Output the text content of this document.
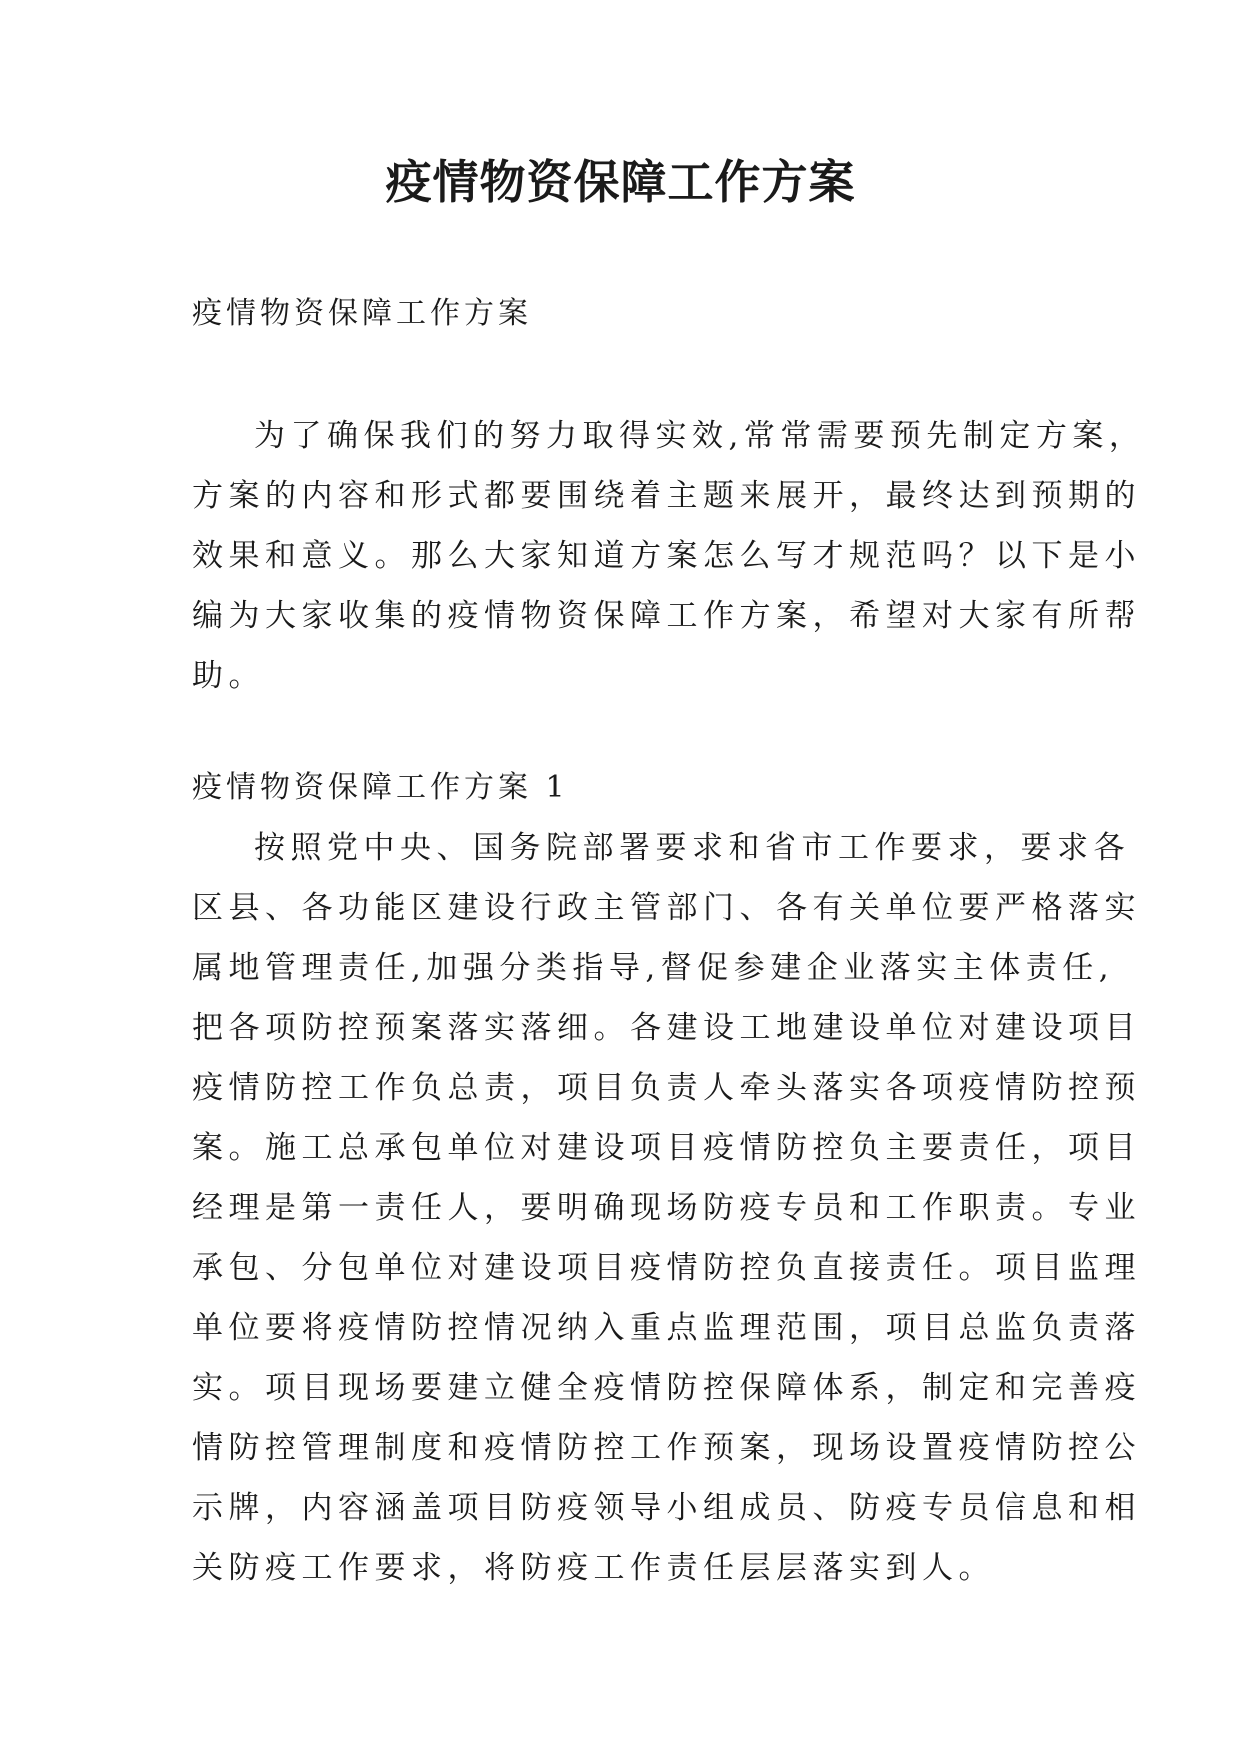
疫情物资保障工作方案

疫情物资保障工作方案

为了确保我们的努力取得实效,常常需要预先制定方案，
方案的内容和形式都要围绕着主题来展开，最终达到预期的
效果和意义。那么大家知道方案怎么写才规范吗？以下是小
编为大家收集的疫情物资保障工作方案，希望对大家有所帮
助。

疫情物资保障工作方案 1

按照党中央、国务院部署要求和省市工作要求，要求各
区县、各功能区建设行政主管部门、各有关单位要严格落实
属地管理责任,加强分类指导,督促参建企业落实主体责任,
把各项防控预案落实落细。各建设工地建设单位对建设项目
疫情防控工作负总责，项目负责人牵头落实各项疫情防控预
案。施工总承包单位对建设项目疫情防控负主要责任，项目
经理是第一责任人，要明确现场防疫专员和工作职责。专业
承包、分包单位对建设项目疫情防控负直接责任。项目监理
单位要将疫情防控情况纳入重点监理范围，项目总监负责落
实。项目现场要建立健全疫情防控保障体系，制定和完善疫
情防控管理制度和疫情防控工作预案，现场设置疫情防控公
示牌，内容涵盖项目防疫领导小组成员、防疫专员信息和相
关防疫工作要求，将防疫工作责任层层落实到人。
